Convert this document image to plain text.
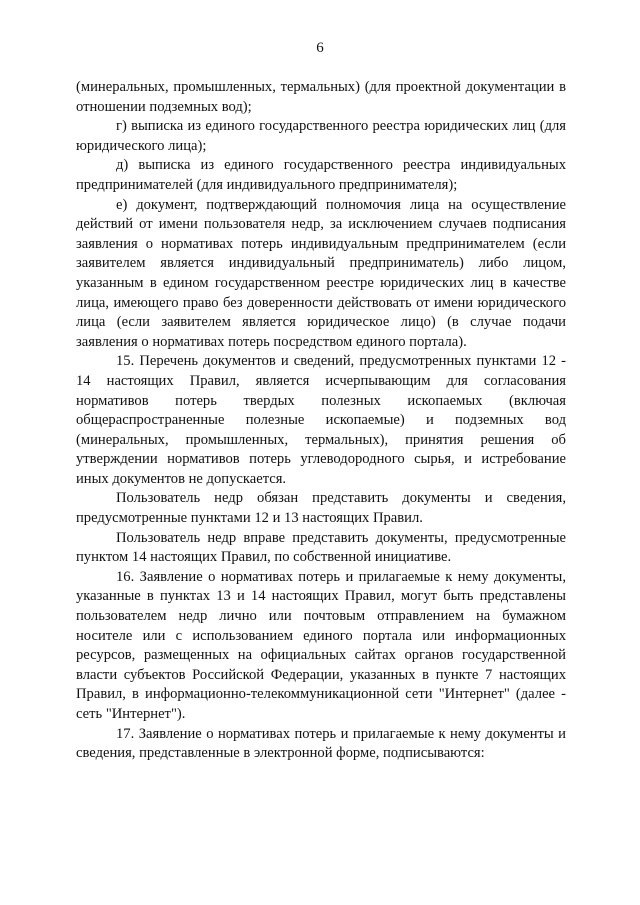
6

(минеральных, промышленных, термальных) (для проектной документации в отношении подземных вод);

г) выписка из единого государственного реестра юридических лиц (для юридического лица);

д) выписка из единого государственного реестра индивидуальных предпринимателей (для индивидуального предпринимателя);

е) документ, подтверждающий полномочия лица на осуществление действий от имени пользователя недр, за исключением случаев подписания заявления о нормативах потерь индивидуальным предпринимателем (если заявителем является индивидуальный предприниматель) либо лицом, указанным в едином государственном реестре юридических лиц в качестве лица, имеющего право без доверенности действовать от имени юридического лица (если заявителем является юридическое лицо) (в случае подачи заявления о нормативах потерь посредством единого портала).

15. Перечень документов и сведений, предусмотренных пунктами 12 - 14 настоящих Правил, является исчерпывающим для согласования нормативов потерь твердых полезных ископаемых (включая общераспространенные полезные ископаемые) и подземных вод (минеральных, промышленных, термальных), принятия решения об утверждении нормативов потерь углеводородного сырья, и истребование иных документов не допускается.

Пользователь недр обязан представить документы и сведения, предусмотренные пунктами 12 и 13 настоящих Правил.

Пользователь недр вправе представить документы, предусмотренные пунктом 14 настоящих Правил, по собственной инициативе.

16. Заявление о нормативах потерь и прилагаемые к нему документы, указанные в пунктах 13 и 14 настоящих Правил, могут быть представлены пользователем недр лично или почтовым отправлением на бумажном носителе или с использованием единого портала или информационных ресурсов, размещенных на официальных сайтах органов государственной власти субъектов Российской Федерации, указанных в пункте 7 настоящих Правил, в информационно-телекоммуникационной сети "Интернет" (далее - сеть "Интернет").

17. Заявление о нормативах потерь и прилагаемые к нему документы и сведения, представленные в электронной форме, подписываются:
